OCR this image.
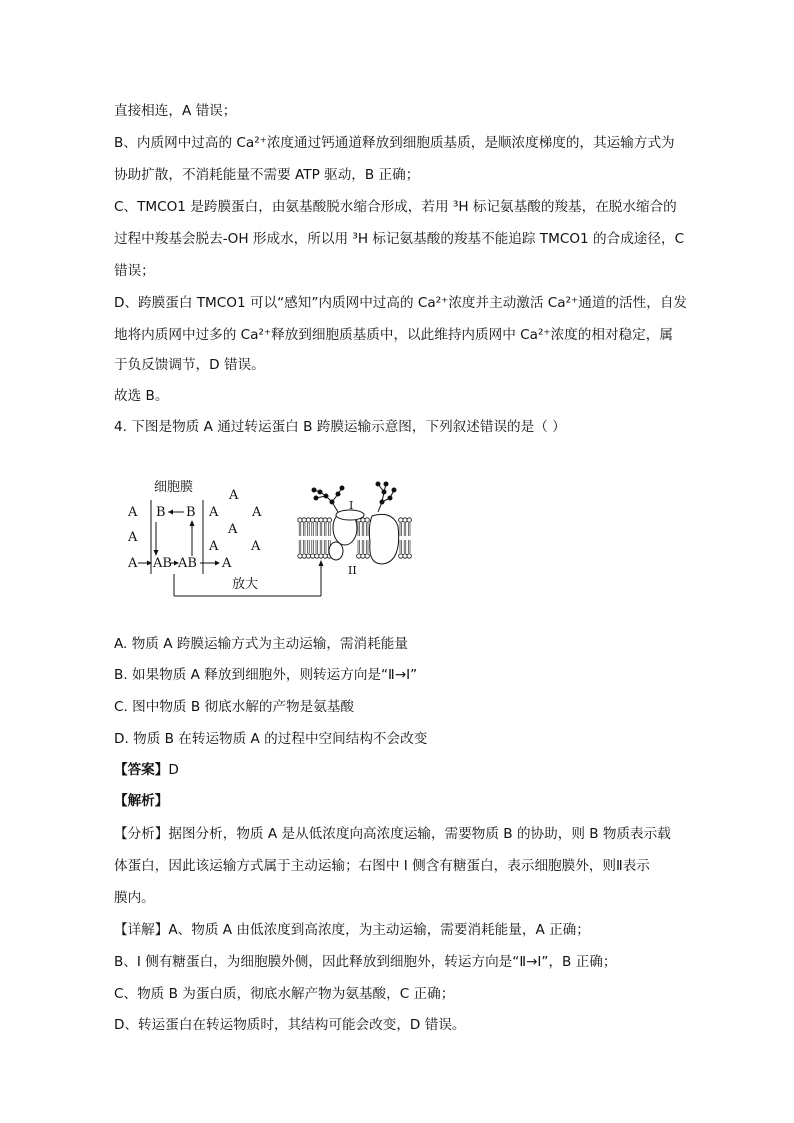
直接相连，A 错误；
B、内质网中过高的 Ca²⁺浓度通过钙通道释放到细胞质基质，是顺浓度梯度的，其运输方式为
协助扩散，不消耗能量不需要 ATP 驱动，B 正确；
C、TMCO1 是跨膜蛋白，由氨基酸脱水缩合形成，若用 ³H 标记氨基酸的羧基，在脱水缩合的
过程中羧基会脱去-OH 形成水，所以用 ³H 标记氨基酸的羧基不能追踪 TMCO1 的合成途径，C
错误；
D、跨膜蛋白 TMCO1 可以“感知”内质网中过高的 Ca²⁺浓度并主动激活 Ca²⁺通道的活性，自发
地将内质网中过多的 Ca²⁺释放到细胞质基质中，以此维持内质网中 Ca²⁺浓度的相对稳定，属
于负反馈调节，D 错误。
故选 B。
4. 下图是物质 A 通过转运蛋白 B 跨膜运输示意图，下列叙述错误的是（ ）
细胞膜
A
A
A
B B
AB AB
A
A	A
A
A	A
A
放大
I
II
A. 物质 A 跨膜运输方式为主动运输，需消耗能量
B. 如果物质 A 释放到细胞外，则转运方向是“Ⅱ→Ⅰ”
C. 图中物质 B 彻底水解的产物是氨基酸
D. 物质 B 在转运物质 A 的过程中空间结构不会改变
【答案】D
【解析】
【分析】据图分析，物质 A 是从低浓度向高浓度运输，需要物质 B 的协助，则 B 物质表示载
体蛋白，因此该运输方式属于主动运输；右图中 I 侧含有糖蛋白，表示细胞膜外，则Ⅱ表示
膜内。
【详解】A、物质 A 由低浓度到高浓度，为主动运输，需要消耗能量，A 正确；
B、I 侧有糖蛋白，为细胞膜外侧，因此释放到细胞外，转运方向是“Ⅱ→I”，B 正确；
C、物质 B 为蛋白质，彻底水解产物为氨基酸，C 正确；
D、转运蛋白在转运物质时，其结构可能会改变，D 错误。
